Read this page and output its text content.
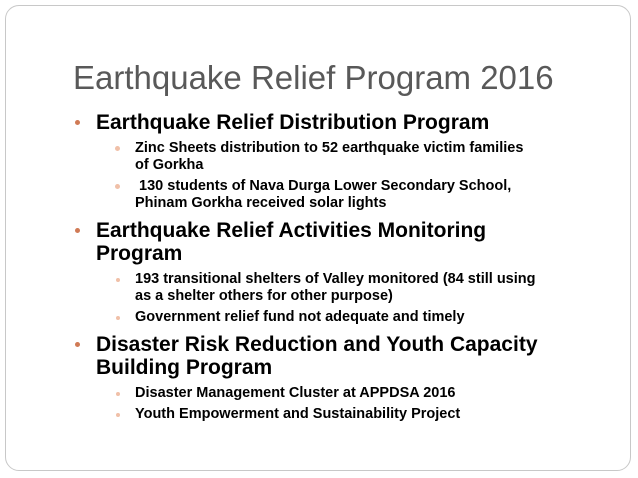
Earthquake Relief Program 2016
Earthquake Relief Distribution Program
Zinc Sheets distribution to 52 earthquake victim families
of Gorkha
130 students of Nava Durga Lower Secondary School,
Phinam Gorkha received solar lights
Earthquake Relief Activities Monitoring
Program
193 transitional shelters of Valley monitored (84 still using
as a shelter others for other purpose)
Government relief fund not adequate and timely
Disaster Risk Reduction and Youth Capacity
Building Program
Disaster Management Cluster at APPDSA 2016
Youth Empowerment and Sustainability Project
